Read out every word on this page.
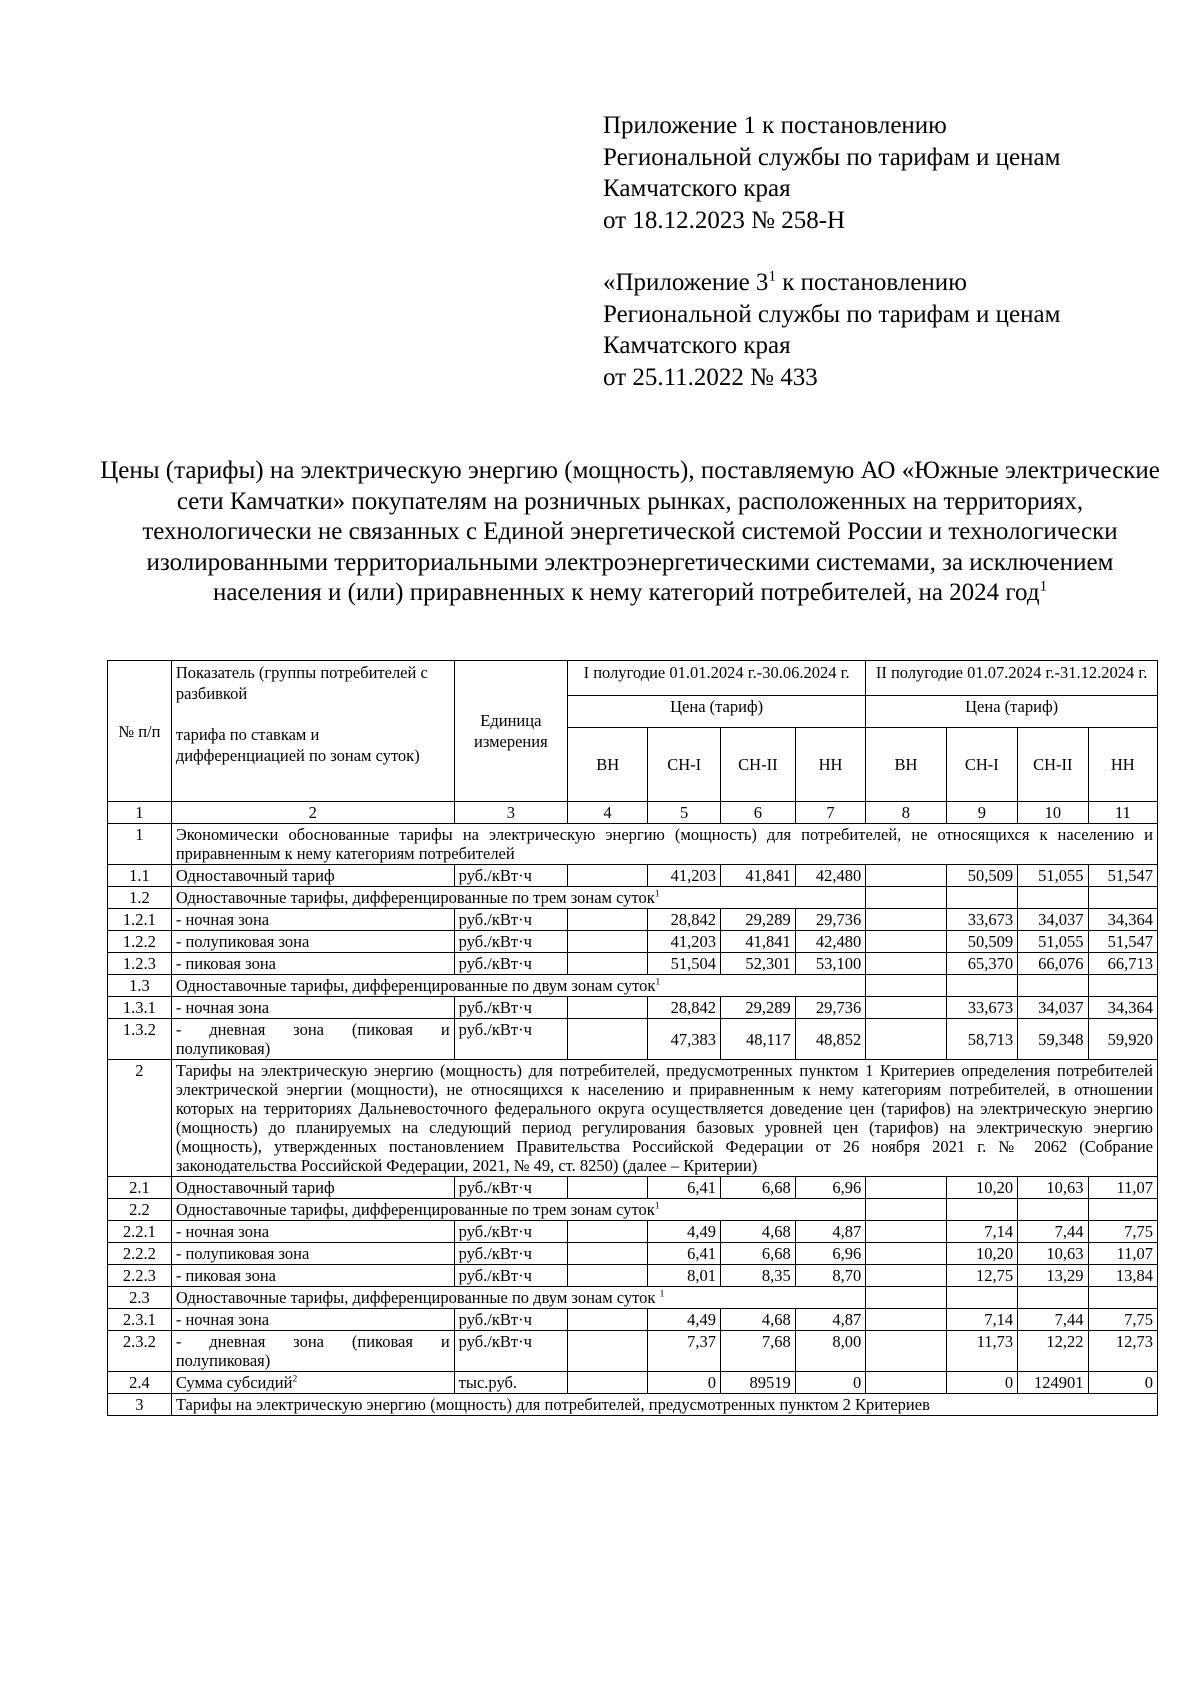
Приложение 1 к постановлению
Региональной службы по тарифам и ценам
Камчатского края
от 18.12.2023 № 258-Н
«Приложение $3^1$ к постановлению
Региональной службы по тарифам и ценам
Камчатского края
от 25.11.2022 № 433
Цены (тарифы) на электрическую энергию (мощность), поставляемую АО «Южные электрические сети Камчатки» покупателям на розничных рынках, расположенных на территориях, технологически не связанных с Единой энергетической системой России и технологически изолированными территориальными электроэнергетическими системами, за исключением населения и (или) приравненных к нему категорий потребителей, на 2024 год$^1$
№ п/п	Показатель (группы потребителей с разбивкой
тарифа по ставкам и дифференциацией по зонам суток)	Единица измерения	I полугодие 01.01.2024 г.-30.06.2024 г.				II полугодие 01.07.2024 г.-31.12.2024 г.			
			Цена (тариф)				Цена (тариф)			
			ВН	СН-I	СН-II	НН	ВН	СН-I	СН-II	НН
1	2	3	4	5	6	7	8	9	10	11
1	Экономически обоснованные тарифы на электрическую энергию (мощность) для потребителей, не относящихся к населению и приравненным к нему категориям потребителей									
1.1	Одноставочный тариф	руб./кВт·ч		41,203	41,841	42,480		50,509	51,055	51,547
1.2	Одноставочные тарифы, дифференцированные по трем зонам суток$^1$				
1.2.1	- ночная зона	руб./кВт·ч		28,842	29,289	29,736		33,673	34,037	34,364
1.2.2	- полупиковая зона	руб./кВт·ч		41,203	41,841	42,480		50,509	51,055	51,547
1.2.3	- пиковая зона	руб./кВт·ч		51,504	52,301	53,100		65,370	66,076	66,713
1.3	Одноставочные тарифы, дифференцированные по двум зонам суток$^1$				
1.3.1	- ночная зона	руб./кВт·ч		28,842	29,289	29,736		33,673	34,037	34,364
1.3.2	- дневная зона (пиковая и полупиковая)	руб./кВт·ч		47,383	48,117	48,852		58,713	59,348	59,920
2	Тарифы на электрическую энергию (мощность) для потребителей, предусмотренных пунктом 1 Критериев определения потребителей электрической энергии (мощности), не относящихся к населению и приравненным к нему категориям потребителей, в отношении которых на территориях Дальневосточного федерального округа осуществляется доведение цен (тарифов) на электрическую энергию (мощность) до планируемых на следующий период регулирования базовых уровней цен (тарифов) на электрическую энергию (мощность), утвержденных постановлением Правительства Российской Федерации от 26 ноября 2021 г. № 2062 (Собрание законодательства Российской Федерации, 2021, № 49, ст. 8250) (далее – Критерии)									
2.1	Одноставочный тариф	руб./кВт·ч		6,41	6,68	6,96		10,20	10,63	11,07
2.2	Одноставочные тарифы, дифференцированные по трем зонам суток$^1$				
2.2.1	- ночная зона	руб./кВт·ч		4,49	4,68	4,87		7,14	7,44	7,75
2.2.2	- полупиковая зона	руб./кВт·ч		6,41	6,68	6,96		10,20	10,63	11,07
2.2.3	- пиковая зона	руб./кВт·ч		8,01	8,35	8,70		12,75	13,29	13,84
2.3	Одноставочные тарифы, дифференцированные по двум зонам суток $^1$				
2.3.1	- ночная зона	руб./кВт·ч		4,49	4,68	4,87		7,14	7,44	7,75
2.3.2	- дневная зона (пиковая и полупиковая)	руб./кВт·ч		7,37	7,68	8,00		11,73	12,22	12,73
2.4	Сумма субсидий$^2$	тыс.руб.		0	89519	0		0	124901	0
3	Тарифы на электрическую энергию (мощность) для потребителей, предусмотренных пунктом 2 Критериев									
